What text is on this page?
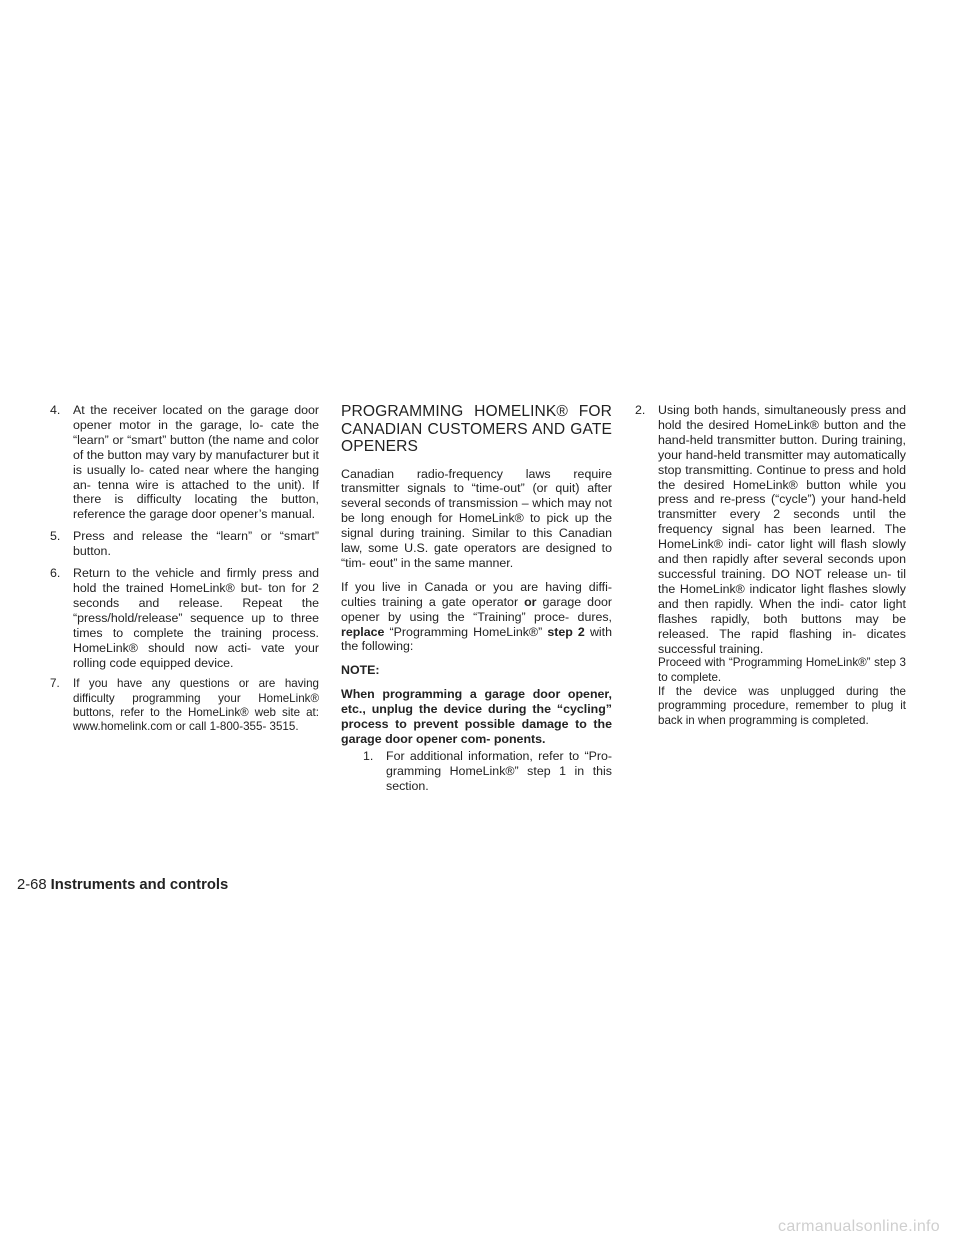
4. At the receiver located on the garage door opener motor in the garage, lo- cate the “learn” or “smart” button (the name and color of the button may vary by manufacturer but it is usually lo- cated near where the hanging an- tenna wire is attached to the unit). If there is difficulty locating the button, reference the garage door opener’s manual.

5. Press and release the “learn” or “smart” button.

6. Return to the vehicle and firmly press and hold the trained HomeLink® but- ton for 2 seconds and release. Repeat the “press/hold/release” sequence up to three times to complete the training process. HomeLink® should now acti- vate your rolling code equipped device.

7. If you have any questions or are having difficulty programming your HomeLink® buttons, refer to the HomeLink® web site at: www.homelink.com or call 1-800-355- 3515.

PROGRAMMING HOMELINK® FOR CANADIAN CUSTOMERS AND GATE OPENERS

Canadian radio-frequency laws require transmitter signals to “time-out” (or quit) after several seconds of transmission – which may not be long enough for HomeLink® to pick up the signal during training. Similar to this Canadian law, some U.S. gate operators are designed to “tim- eout” in the same manner.

If you live in Canada or you are having diffi- culties training a gate operator or garage door opener by using the “Training” proce- dures, replace “Programming HomeLink®” step 2 with the following:

NOTE:

When programming a garage door opener, etc., unplug the device during the “cycling” process to prevent possible damage to the garage door opener com- ponents.

1. For additional information, refer to “Pro- gramming HomeLink®” step 1 in this section.

2. Using both hands, simultaneously press and hold the desired HomeLink® button and the hand-held transmitter button. During training, your hand-held transmitter may automatically stop transmitting. Continue to press and hold the desired HomeLink® button while you press and re-press (“cycle”) your hand-held transmitter every 2 seconds until the frequency signal has been learned. The HomeLink® indi- cator light will flash slowly and then rapidly after several seconds upon successful training. DO NOT release un- til the HomeLink® indicator light flashes slowly and then rapidly. When the indi- cator light flashes rapidly, both buttons may be released. The rapid flashing in- dicates successful training.

Proceed with “Programming HomeLink®” step 3 to complete.

If the device was unplugged during the programming procedure, remember to plug it back in when programming is completed.

2-68 Instruments and controls
carmanualsonline.info
